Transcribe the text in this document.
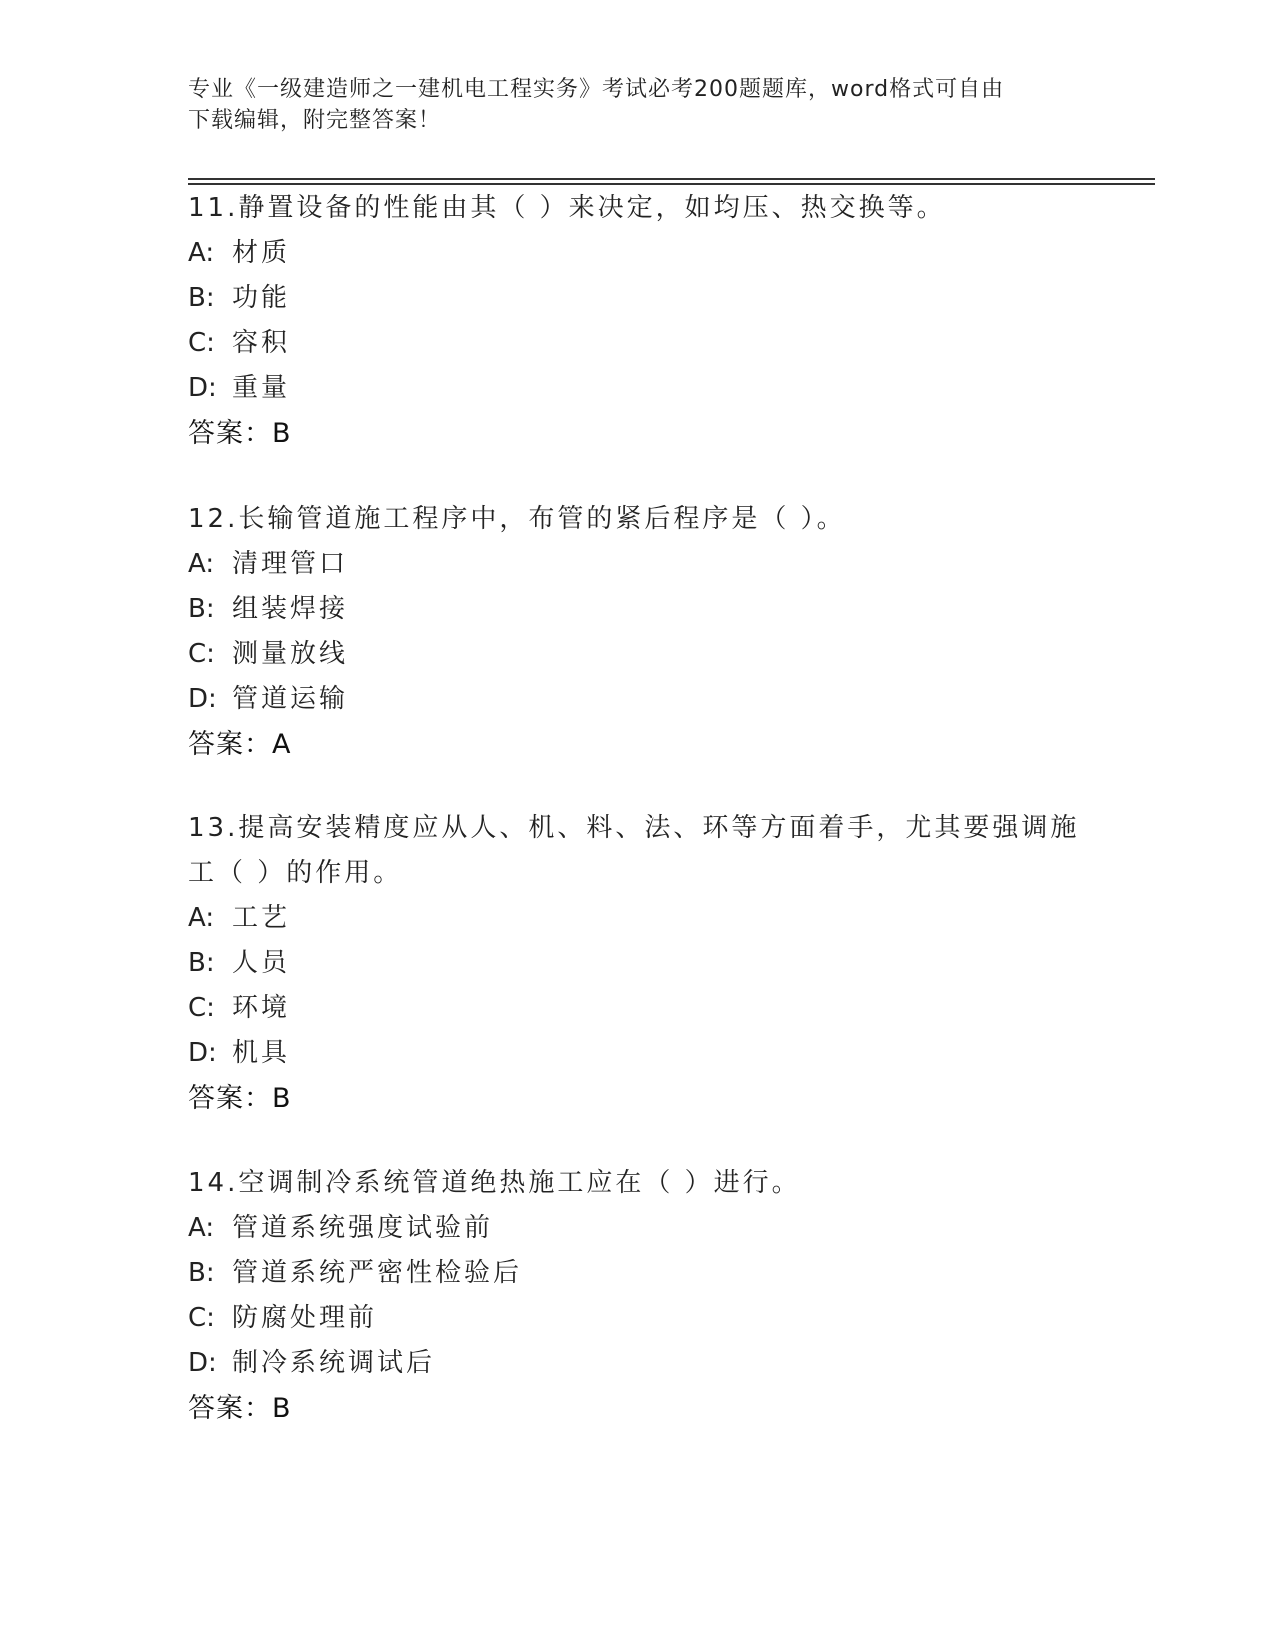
专业《一级建造师之一建机电工程实务》考试必考200题题库，word格式可自由
下载编辑，附完整答案！
11.静置设备的性能由其（ ）来决定，如均压、热交换等。
A: 材质
B: 功能
C: 容积
D: 重量
答案：B
12.长输管道施工程序中，布管的紧后程序是（ ）。
A: 清理管口
B: 组装焊接
C: 测量放线
D: 管道运输
答案：A
13.提高安装精度应从人、机、料、法、环等方面着手，尤其要强调施
工（ ）的作用。
A: 工艺
B: 人员
C: 环境
D: 机具
答案：B
14.空调制冷系统管道绝热施工应在（ ）进行。
A: 管道系统强度试验前
B: 管道系统严密性检验后
C: 防腐处理前
D: 制冷系统调试后
答案：B
